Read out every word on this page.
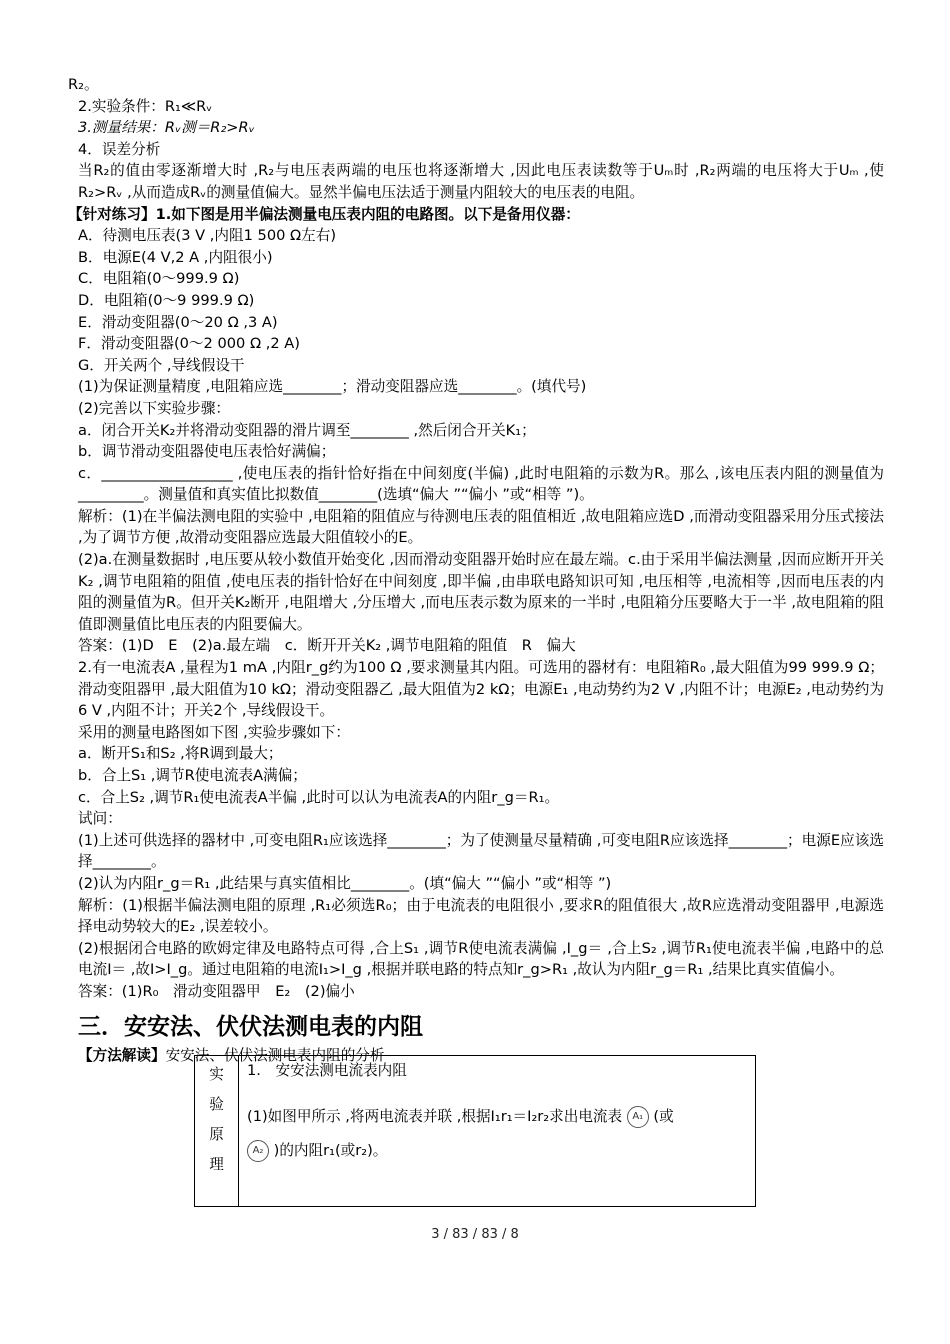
R₂。
2.实验条件：R₁≪Rᵥ
3.测量结果：Rᵥ测＝R₂>Rᵥ
4．误差分析
当R₂的值由零逐渐增大时 ,R₂与电压表两端的电压也将逐渐增大 ,因此电压表读数等于Uₘ时 ,R₂两端的电压将大于Uₘ ,使R₂>Rᵥ ,从而造成Rᵥ的测量值偏大。显然半偏电压法适于测量内阻较大的电压表的电阻。
【针对练习】1.如下图是用半偏法测量电压表内阻的电路图。以下是备用仪器：
A．待测电压表(3 V ,内阻1 500 Ω左右)
B．电源E(4 V,2 A ,内阻很小)
C．电阻箱(0～999.9 Ω)
D．电阻箱(0～9 999.9 Ω)
E．滑动变阻器(0～20 Ω ,3 A)
F．滑动变阻器(0～2 000 Ω ,2 A)
G．开关两个 ,导线假设干
(1)为保证测量精度 ,电阻箱应选________；滑动变阻器应选________。(填代号)
(2)完善以下实验步骤：
a．闭合开关K₂并将滑动变阻器的滑片调至________ ,然后闭合开关K₁；
b．调节滑动变阻器使电压表恰好满偏；
c．__________________ ,使电压表的指针恰好指在中间刻度(半偏) ,此时电阻箱的示数为R。那么 ,该电压表内阻的测量值为_________。测量值和真实值比拟数值________(选填“偏大 ”“偏小 ”或“相等 ”)。
解析：(1)在半偏法测电阻的实验中 ,电阻箱的阻值应与待测电压表的阻值相近 ,故电阻箱应选D ,而滑动变阻器采用分压式接法 ,为了调节方便 ,故滑动变阻器应选最大阻值较小的E。
(2)a.在测量数据时 ,电压要从较小数值开始变化 ,因而滑动变阻器开始时应在最左端。c.由于采用半偏法测量 ,因而应断开开关K₂ ,调节电阻箱的阻值 ,使电压表的指针恰好在中间刻度 ,即半偏 ,由串联电路知识可知 ,电压相等 ,电流相等 ,因而电压表的内阻的测量值为R。但开关K₂断开 ,电阻增大 ,分压增大 ,而电压表示数为原来的一半时 ,电阻箱分压要略大于一半 ,故电阻箱的阻值即测量值比电压表的内阻要偏大。
答案：(1)D　E　(2)a.最左端　c．断开开关K₂ ,调节电阻箱的阻值　R　偏大
2.有一电流表A ,量程为1 mA ,内阻r_g约为100 Ω ,要求测量其内阻。可选用的器材有：电阻箱R₀ ,最大阻值为99 999.9 Ω；滑动变阻器甲 ,最大阻值为10 kΩ；滑动变阻器乙 ,最大阻值为2 kΩ；电源E₁ ,电动势约为2 V ,内阻不计；电源E₂ ,电动势约为6 V ,内阻不计；开关2个 ,导线假设干。
采用的测量电路图如下图 ,实验步骤如下：
a．断开S₁和S₂ ,将R调到最大；
b．合上S₁ ,调节R使电流表A满偏；
c．合上S₂ ,调节R₁使电流表A半偏 ,此时可以认为电流表A的内阻r_g＝R₁。
试问：
(1)上述可供选择的器材中 ,可变电阻R₁应该选择________；为了使测量尽量精确 ,可变电阻R应该选择________；电源E应该选择________。
(2)认为内阻r_g＝R₁ ,此结果与真实值相比________。(填“偏大 ”“偏小 ”或“相等 ”)
解析：(1)根据半偏法测电阻的原理 ,R₁必须选R₀；由于电流表的电阻很小 ,要求R的阻值很大 ,故R应选滑动变阻器甲 ,电源选择电动势较大的E₂ ,误差较小。
(2)根据闭合电路的欧姆定律及电路特点可得 ,合上S₁ ,调节R使电流表满偏 ,I_g＝ ,合上S₂ ,调节R₁使电流表半偏 ,电路中的总电流I＝ ,故I>I_g。通过电阻箱的电流I₁>I_g ,根据并联电路的特点知r_g>R₁ ,故认为内阻r_g＝R₁ ,结果比真实值偏小。
答案：(1)R₀　滑动变阻器甲　E₂　(2)偏小
三．安安法、伏伏法测电表的内阻
【方法解读】安安法、伏伏法测电表内阻的分析
实
验
原
理
1.　安安法测电流表内阻
(1)如图甲所示 ,将两电流表并联 ,根据I₁r₁＝I₂r₂求出电流表 A₁ (或
A₂ )的内阻r₁(或r₂)。
3 / 83 / 83 / 8
